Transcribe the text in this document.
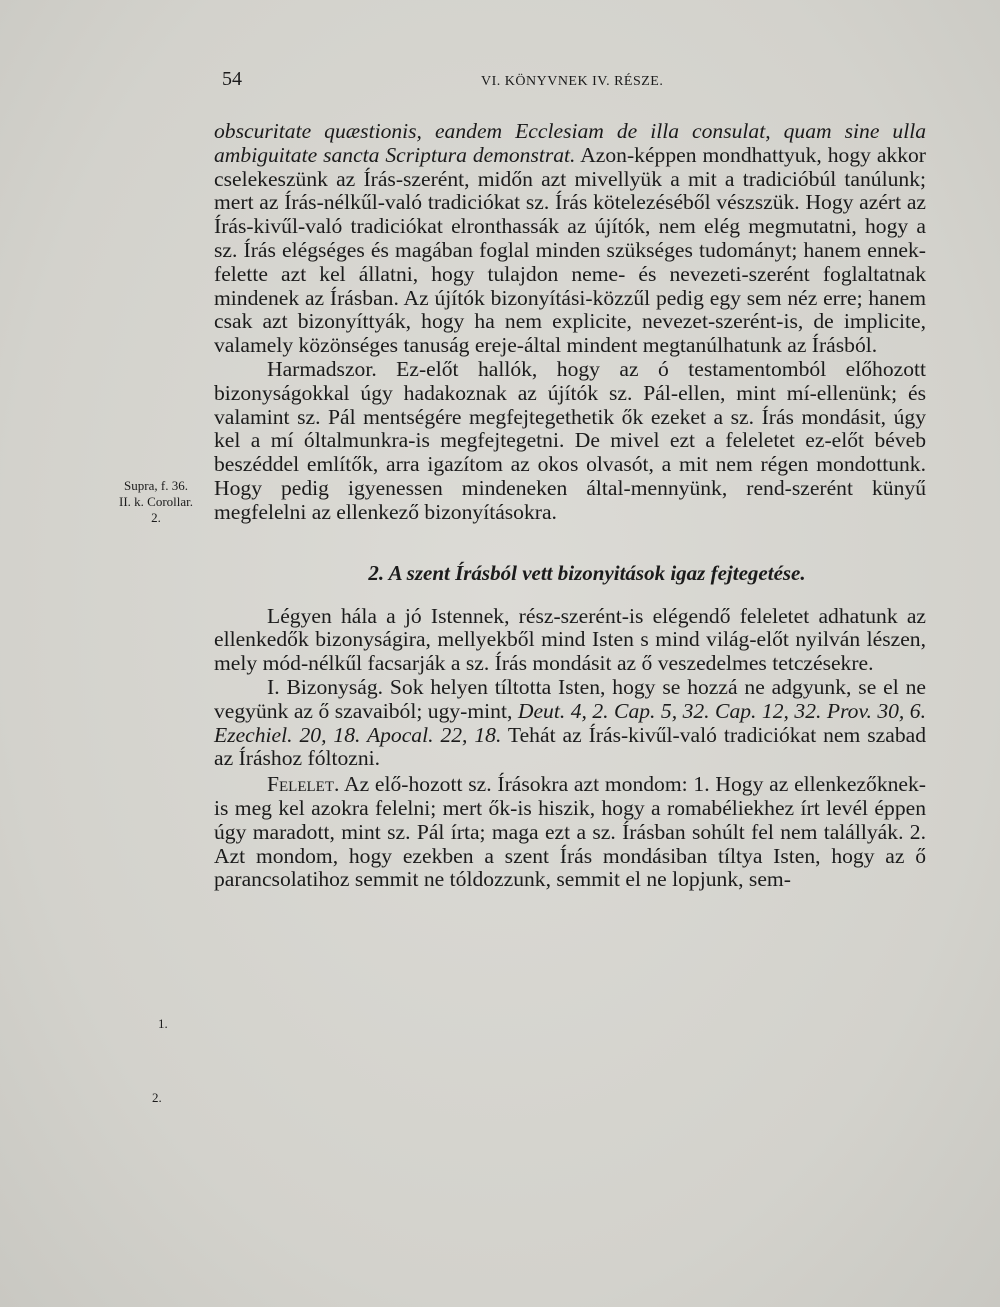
54	VI. KÖNYVNEK IV. RÉSZE.
Supra, f. 36.
II. k. Corollar.
2.
1.
2.

obscuritate quæstionis, eandem Ecclesiam de illa consulat, quam sine ulla ambiguitate sancta Scriptura demonstrat. Azon-képpen mondhattyuk, hogy akkor cselekeszünk az Írás-szerént, midőn azt mivellyük a mit a tradicióbúl tanúlunk; mert az Írás-nélkűl-való tradiciókat sz. Írás kötelezéséből vészszük. Hogy azért az Írás-kivűl-való tradiciókat elronthassák az újítók, nem elég megmutatni, hogy a sz. Írás elégséges és magában foglal minden szükséges tudományt; hanem ennek-felette azt kel állatni, hogy tulajdon neme- és nevezeti-szerént foglaltatnak mindenek az Írásban. Az újítók bizonyítási-közzűl pedig egy sem néz erre; hanem csak azt bizonyíttyák, hogy ha nem explicite, nevezet-szerént-is, de implicite, valamely közönséges tanuság ereje-által mindent megtanúlhatunk az Írásból.

Harmadszor. Ez-előt hallók, hogy az ó testamentomból előhozott bizonyságokkal úgy hadakoznak az újítók sz. Pál-ellen, mint mí-ellenünk; és valamint sz. Pál mentségére megfejtegethetik ők ezeket a sz. Írás mondásit, úgy kel a mí óltalmunkra-is megfejtegetni. De mivel ezt a feleletet ez-előt béveb beszéddel említők, arra igazítom az okos olvasót, a mit nem régen mondottunk. Hogy pedig igyenessen mindeneken által-mennyünk, rend-szerént künyű megfelelni az ellenkező bizonyításokra.

2. A szent Írásból vett bizonyitások igaz fejtegetése.

Légyen hála a jó Istennek, rész-szerént-is elégendő feleletet adhatunk az ellenkedők bizonyságira, mellyekből mind Isten s mind világ-előt nyilván lészen, mely mód-nélkűl facsarják a sz. Írás mondásit az ő veszedelmes tetczésekre.

I. Bizonyság. Sok helyen tíltotta Isten, hogy se hozzá ne adgyunk, se el ne vegyünk az ő szavaiból; ugy-mint, Deut. 4, 2. Cap. 5, 32. Cap. 12, 32. Prov. 30, 6. Ezechiel. 20, 18. Apocal. 22, 18. Tehát az Írás-kivűl-való tradiciókat nem szabad az Íráshoz fóltozni.

Felelet. Az elő-hozott sz. Írásokra azt mondom: 1. Hogy az ellenkezőknek-is meg kel azokra felelni; mert ők-is hiszik, hogy a romabéliekhez írt levél éppen úgy maradott, mint sz. Pál írta; maga ezt a sz. Írásban sohúlt fel nem talállyák. 2. Azt mondom, hogy ezekben a szent Írás mondásiban tíltya Isten, hogy az ő parancsolatihoz semmit ne tóldozzunk, semmit el ne lopjunk, sem-
